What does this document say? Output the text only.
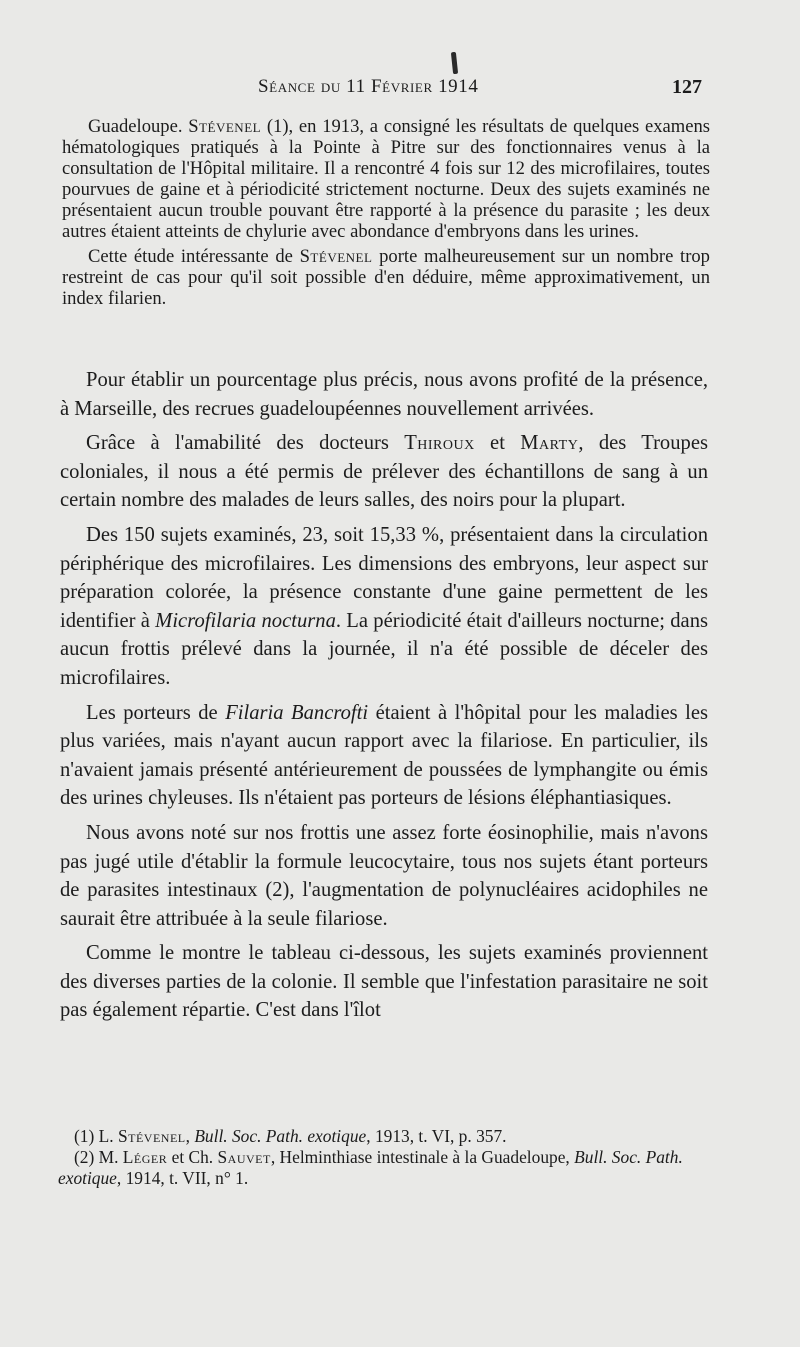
Séance du 11 Février 1914	127

Guadeloupe. Stévenel (1), en 1913, a consigné les résultats de quelques examens hématologiques pratiqués à la Pointe à Pitre sur des fonctionnaires venus à la consultation de l'Hôpital militaire. Il a rencontré 4 fois sur 12 des microfilaires, toutes pourvues de gaine et à périodicité strictement nocturne. Deux des sujets examinés ne présentaient aucun trouble pouvant être rapporté à la présence du parasite ; les deux autres étaient atteints de chylurie avec abondance d'embryons dans les urines.

Cette étude intéressante de Stévenel porte malheureusement sur un nombre trop restreint de cas pour qu'il soit possible d'en déduire, même approximativement, un index filarien.

Pour établir un pourcentage plus précis, nous avons profité de la présence, à Marseille, des recrues guadeloupéennes nouvellement arrivées.

Grâce à l'amabilité des docteurs Thiroux et Marty, des Troupes coloniales, il nous a été permis de prélever des échantillons de sang à un certain nombre des malades de leurs salles, des noirs pour la plupart.

Des 150 sujets examinés, 23, soit 15,33 %, présentaient dans la circulation périphérique des microfilaires. Les dimensions des embryons, leur aspect sur préparation colorée, la présence constante d'une gaine permettent de les identifier à Microfilaria nocturna. La périodicité était d'ailleurs nocturne; dans aucun frottis prélevé dans la journée, il n'a été possible de déceler des microfilaires.

Les porteurs de Filaria Bancrofti étaient à l'hôpital pour les maladies les plus variées, mais n'ayant aucun rapport avec la filariose. En particulier, ils n'avaient jamais présenté antérieurement de poussées de lymphangite ou émis des urines chyleuses. Ils n'étaient pas porteurs de lésions éléphantiasiques.

Nous avons noté sur nos frottis une assez forte éosinophilie, mais n'avons pas jugé utile d'établir la formule leucocytaire, tous nos sujets étant porteurs de parasites intestinaux (2), l'augmentation de polynucléaires acidophiles ne saurait être attribuée à la seule filariose.

Comme le montre le tableau ci-dessous, les sujets examinés proviennent des diverses parties de la colonie. Il semble que l'infestation parasitaire ne soit pas également répartie. C'est dans l'îlot

(1) L. Stévenel, Bull. Soc. Path. exotique, 1913, t. VI, p. 357.

(2) M. Léger et Ch. Sauvet, Helminthiase intestinale à la Guadeloupe, Bull. Soc. Path. exotique, 1914, t. VII, n° 1.
